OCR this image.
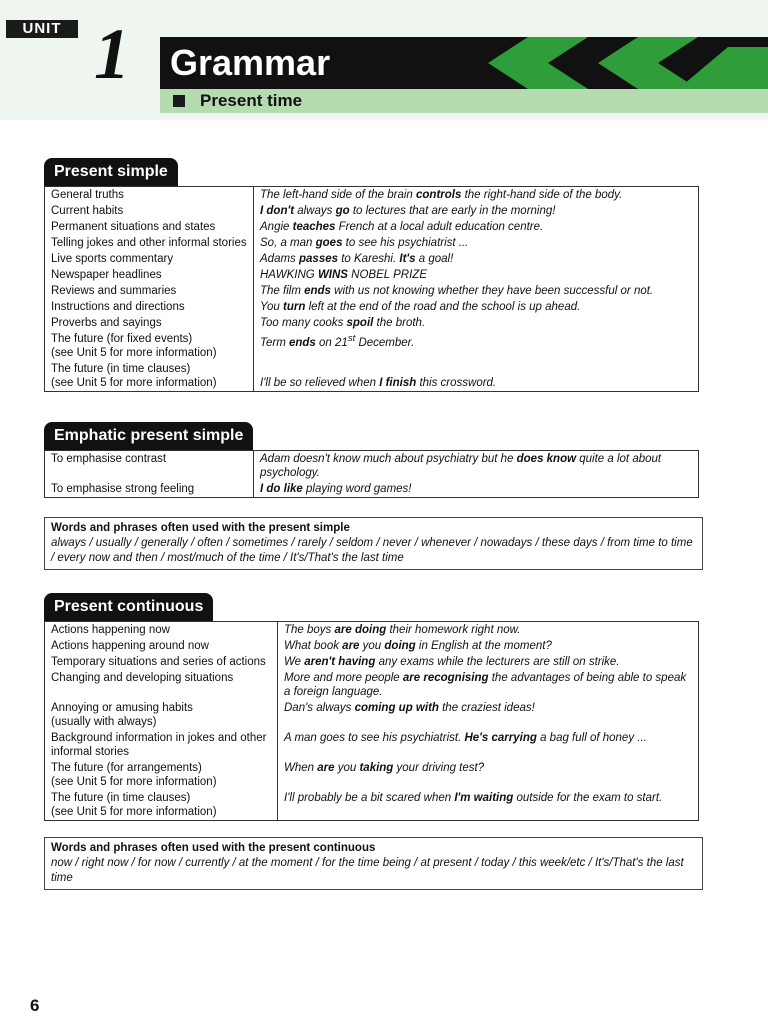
UNIT 1 Grammar
Present time
Present simple
General truths	The left-hand side of the brain controls the right-hand side of the body.
Current habits	I don't always go to lectures that are early in the morning!
Permanent situations and states	Angie teaches French at a local adult education centre.
Telling jokes and other informal stories	So, a man goes to see his psychiatrist ...
Live sports commentary	Adams passes to Kareshi. It's a goal!
Newspaper headlines	HAWKING WINS NOBEL PRIZE
Reviews and summaries	The film ends with us not knowing whether they have been successful or not.
Instructions and directions	You turn left at the end of the road and the school is up ahead.
Proverbs and sayings	Too many cooks spoil the broth.
The future (for fixed events)
(see Unit 5 for more information)	Term ends on 21st December.
The future (in time clauses)
(see Unit 5 for more information)	I'll be so relieved when I finish this crossword.
Emphatic present simple
To emphasise contrast	Adam doesn't know much about psychiatry but he does know quite a lot about psychology.
To emphasise strong feeling	I do like playing word games!
Words and phrases often used with the present simple
always / usually / generally / often / sometimes / rarely / seldom / never / whenever / nowadays / these days / from time to time / every now and then / most/much of the time / It's/That's the last time
Present continuous
Actions happening now	The boys are doing their homework right now.
Actions happening around now	What book are you doing in English at the moment?
Temporary situations and series of actions	We aren't having any exams while the lecturers are still on strike.
Changing and developing situations	More and more people are recognising the advantages of being able to speak a foreign language.
Annoying or amusing habits
(usually with always)	Dan's always coming up with the craziest ideas!
Background information in jokes and other informal stories	A man goes to see his psychiatrist. He's carrying a bag full of honey ...
The future (for arrangements)
(see Unit 5 for more information)	When are you taking your driving test?
The future (in time clauses)
(see Unit 5 for more information)	I'll probably be a bit scared when I'm waiting outside for the exam to start.
Words and phrases often used with the present continuous
now / right now / for now / currently / at the moment / for the time being / at present / today / this week/etc / It's/That's the last time
6
